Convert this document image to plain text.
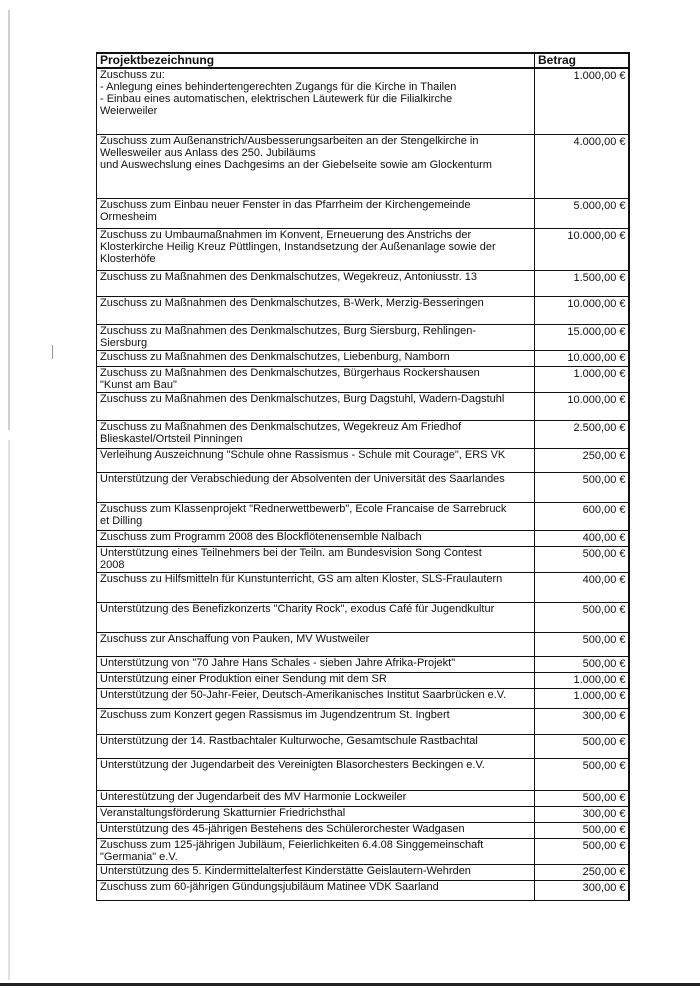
Projektbezeichnung	Betrag

Zuschuss zu:
- Anlegung eines behindertengerechten Zugangs für die Kirche in Thailen
- Einbau eines automatischen, elektrischen Läutewerk für die Filialkirche
Weierweiler	1.000,00 €

Zuschuss zum Außenanstrich/Ausbesserungsarbeiten an der Stengelkirche in
Wellesweiler aus Anlass des 250. Jubiläums
und Auswechslung eines Dachgesims an der Giebelseite sowie am Glockenturm	4.000,00 €

Zuschuss zum Einbau neuer Fenster in das Pfarrheim der Kirchengemeinde
Ormesheim	5.000,00 €

Zuschuss zu Umbaumaßnahmen im Konvent, Erneuerung des Anstrichs der
Klosterkirche Heilig Kreuz Püttlingen, Instandsetzung der Außenanlage sowie der
Klosterhöfe	10.000,00 €

Zuschuss zu Maßnahmen des Denkmalschutzes, Wegekreuz, Antoniusstr. 13	1.500,00 €

Zuschuss zu Maßnahmen des Denkmalschutzes, B-Werk, Merzig-Besseringen	10.000,00 €

Zuschuss zu Maßnahmen des Denkmalschutzes, Burg Siersburg, Rehlingen-
Siersburg	15.000,00 €

Zuschuss zu Maßnahmen des Denkmalschutzes, Liebenburg, Namborn	10.000,00 €

Zuschuss zu Maßnahmen des Denkmalschutzes, Bürgerhaus Rockershausen
"Kunst am Bau"	1.000,00 €

Zuschuss zu Maßnahmen des Denkmalschutzes, Burg Dagstuhl, Wadern-Dagstuhl	10.000,00 €

Zuschuss zu Maßnahmen des Denkmalschutzes, Wegekreuz Am Friedhof
Blieskastel/Ortsteil Pinningen	2.500,00 €

Verleihung Auszeichnung "Schule ohne Rassismus - Schule mit Courage", ERS VK	250,00 €

Unterstützung der Verabschiedung der Absolventen der Universität des Saarlandes	500,00 €

Zuschuss zum Klassenprojekt "Rednerwettbewerb", Ecole Francaise de Sarrebruck
et Dilling	600,00 €

Zuschuss zum Programm 2008 des Blockflötenensemble Nalbach	400,00 €

Unterstützung eines Teilnehmers bei der Teiln. am Bundesvision Song Contest
2008	500,00 €

Zuschuss zu Hilfsmitteln für Kunstunterricht, GS am alten Kloster, SLS-Fraulautern	400,00 €

Unterstützung des Benefizkonzerts "Charity Rock", exodus Café für Jugendkultur	500,00 €

Zuschuss zur Anschaffung von Pauken, MV Wustweiler	500,00 €

Unterstützung von "70 Jahre Hans Schales - sieben Jahre Afrika-Projekt"	500,00 €

Unterstützung einer Produktion einer Sendung mit dem SR	1.000,00 €

Unterstützung der 50-Jahr-Feier, Deutsch-Amerikanisches Institut Saarbrücken e.V.	1.000,00 €

Zuschuss zum Konzert gegen Rassismus im Jugendzentrum St. Ingbert	300,00 €

Unterstützung der 14. Rastbachtaler Kulturwoche, Gesamtschule Rastbachtal	500,00 €

Unterstützung der Jugendarbeit des Vereinigten Blasorchesters Beckingen e.V.	500,00 €

Unterestützung der Jugendarbeit des MV Harmonie Lockweiler	500,00 €

Veranstaltungsförderung Skatturnier Friedrichsthal	300,00 €

Unterstützung des 45-jährigen Bestehens des Schülerorchester Wadgasen	500,00 €

Zuschuss zum 125-jährigen Jubiläum, Feierlichkeiten 6.4.08 Singgemeinschaft
"Germania" e.V.	500,00 €

Unterstützung des 5. Kindermittelalterfest Kinderstätte Geislautern-Wehrden	250,00 €

Zuschuss zum 60-jährigen Gündungsjubiläum Matinee VDK Saarland	300,00 €
